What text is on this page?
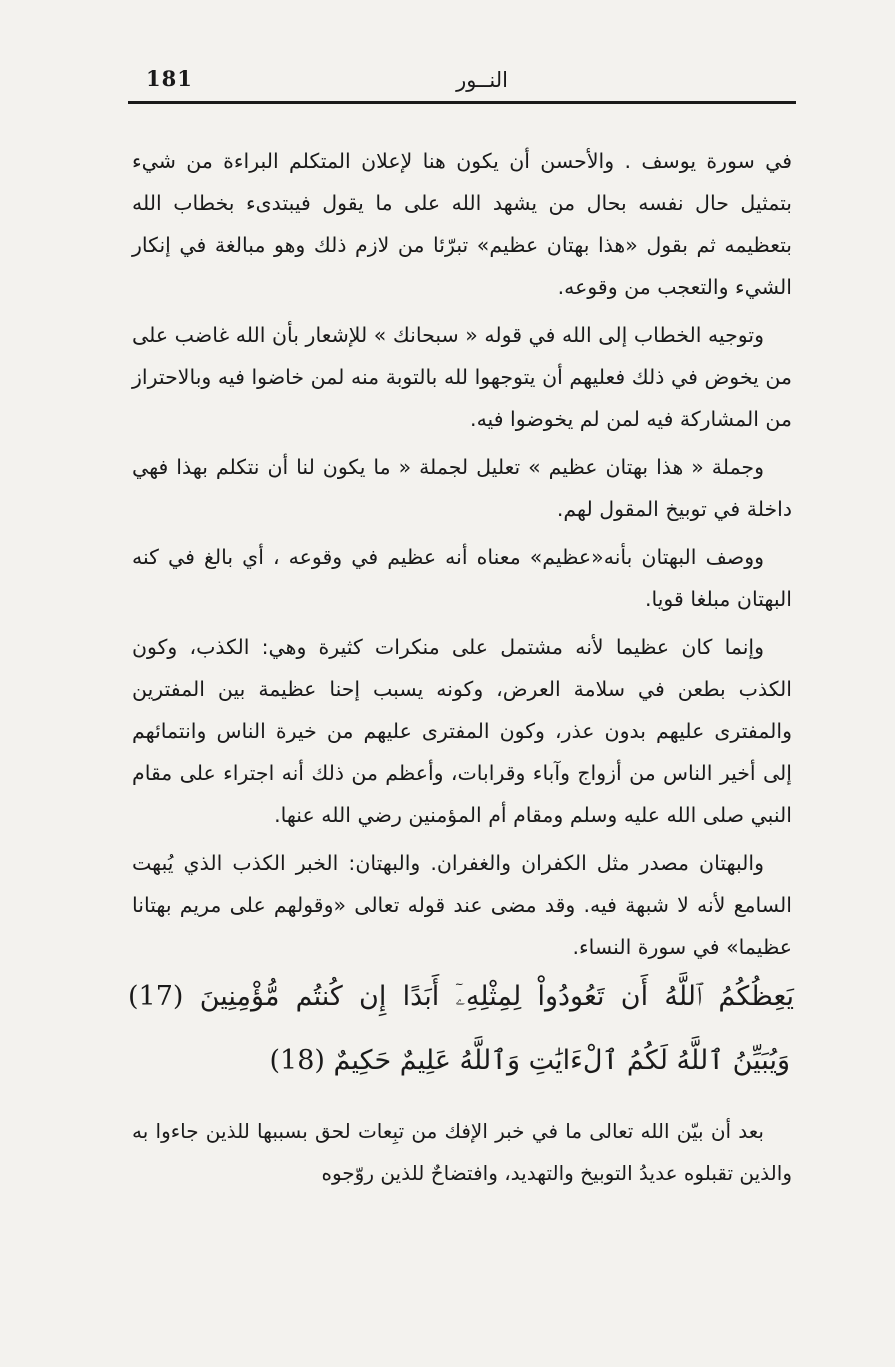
181	النــور

في سورة يوسف . والأحسن أن يكون هنا لإعلان المتكلم البراءة من شيء بتمثيل حال نفسه بحال من يشهد الله على ما يقول فيبتدىء بخطاب الله بتعظيمه ثم بقول «هذا بهتان عظيم» تبرّئا من لازم ذلك وهو مبالغة في إنكار الشيء والتعجب من وقوعه.

وتوجيه الخطاب إلى الله في قوله « سبحانك » للإشعار بأن الله غاضب على من يخوض في ذلك فعليهم أن يتوجهوا لله بالتوبة منه لمن خاضوا فيه وبالاحتراز من المشاركة فيه لمن لم يخوضوا فيه.

وجملة « هذا بهتان عظيم » تعليل لجملة « ما يكون لنا أن نتكلم بهذا فهي داخلة في توبيخ المقول لهم.

ووصف البهتان بأنه«عظيم» معناه أنه عظيم في وقوعه ، أي بالغ في كنه البهتان مبلغا قويا.

وإنما كان عظيما لأنه مشتمل على منكرات كثيرة وهي: الكذب، وكون الكذب بطعن في سلامة العرض، وكونه يسبب إحنا عظيمة بين المفترين والمفترى عليهم بدون عذر، وكون المفترى عليهم من خيرة الناس وانتمائهم إلى أخير الناس من أزواج وآباء وقرابات، وأعظم من ذلك أنه اجتراء على مقام النبي صلى الله عليه وسلم ومقام أم المؤمنين رضي الله عنها.

والبهتان مصدر مثل الكفران والغفران. والبهتان: الخبر الكذب الذي يُبهت السامع لأنه لا شبهة فيه. وقد مضى عند قوله تعالى «وقولهم على مريم بهتانا عظيما» في سورة النساء.

يَعِظُكُمُ ٱللَّهُ أَن تَعُودُواْ لِمِثْلِهِۦٓ أَبَدًا إِن كُنتُم مُّؤْمِنِينَ (17)
وَيُبَيِّنُ ٱللَّهُ لَكُمُ ٱلْءَايَٰتِ وَٱللَّهُ عَلِيمٌ حَكِيمٌ (18)

بعد أن بيّن الله تعالى ما في خبر الإفك من تبِعات لحق بسببها للذين جاءوا به والذين تقبلوه عديدُ التوبيخ والتهديد، وافتضاحٌ للذين روّجوه
